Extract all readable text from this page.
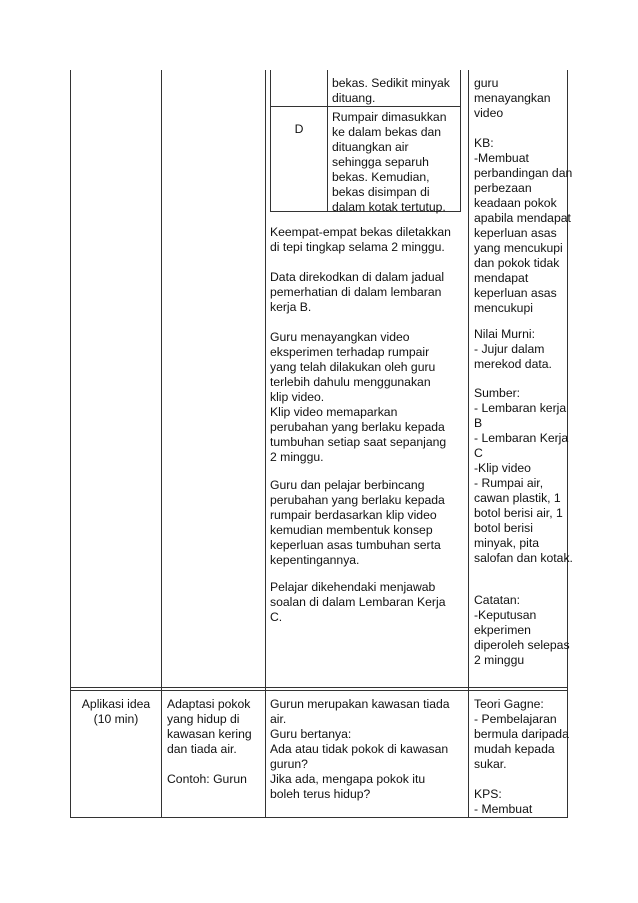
bekas. Sedikit minyak
dituang.
D
Rumpair dimasukkan
ke dalam bekas dan
dituangkan air
sehingga separuh
bekas. Kemudian,
bekas disimpan di
dalam kotak tertutup.
Keempat-empat bekas diletakkan
di tepi tingkap selama 2 minggu.
Data direkodkan di dalam jadual
pemerhatian di dalam lembaran
kerja B.
Guru menayangkan video
eksperimen terhadap rumpair
yang telah dilakukan oleh guru
terlebih dahulu menggunakan
klip video.
Klip video memaparkan
perubahan yang berlaku kepada
tumbuhan setiap saat sepanjang
2 minggu.
Guru dan pelajar berbincang
perubahan yang berlaku kepada
rumpair berdasarkan klip video
kemudian membentuk konsep
keperluan asas tumbuhan serta
kepentingannya.
Pelajar dikehendaki menjawab
soalan di dalam Lembaran Kerja
C.
guru
menayangkan
video
KB:
-Membuat
perbandingan dan
perbezaan
keadaan pokok
apabila mendapat
keperluan asas
yang mencukupi
dan pokok tidak
mendapat
keperluan asas
mencukupi
Nilai Murni:
- Jujur dalam
merekod data.
Sumber:
- Lembaran kerja
B
- Lembaran Kerja
C
-Klip video
- Rumpai air,
cawan plastik, 1
botol berisi air, 1
botol berisi
minyak, pita
salofan dan kotak.
Catatan:
-Keputusan
ekperimen
diperoleh selepas
2 minggu
Aplikasi idea
(10 min)
Adaptasi pokok
yang hidup di
kawasan kering
dan tiada air.
Contoh: Gurun
Gurun merupakan kawasan tiada
air.
Guru bertanya:
Ada atau tidak pokok di kawasan
gurun?
Jika ada, mengapa pokok itu
boleh terus hidup?
Teori Gagne:
- Pembelajaran
bermula daripada
mudah kepada
sukar.
KPS:
- Membuat
